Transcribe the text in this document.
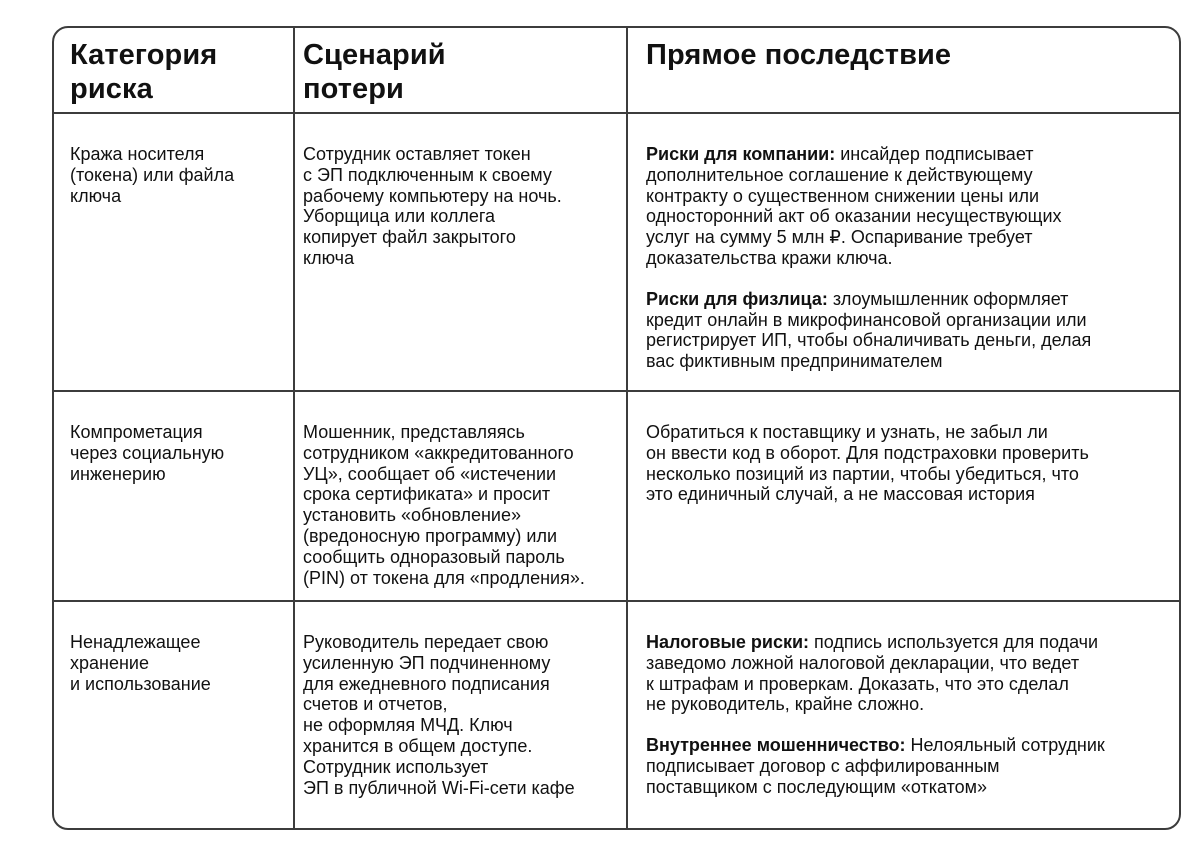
Категория
риска
Сценарий
потери
Прямое последствие
Кража носителя
(токена) или файла
ключа
Сотрудник оставляет токен
с ЭП подключенным к своему
рабочему компьютеру на ночь.
Уборщица или коллега
копирует файл закрытого
ключа
Риски для компании: инсайдер подписывает
дополнительное соглашение к действующему
контракту о существенном снижении цены или
односторонний акт об оказании несуществующих
услуг на сумму 5 млн ₽. Оспаривание требует
доказательства кражи ключа.
Риски для физлица: злоумышленник оформляет
кредит онлайн в микрофинансовой организации или
регистрирует ИП, чтобы обналичивать деньги, делая
вас фиктивным предпринимателем
Компрометация
через социальную
инженерию
Мошенник, представляясь
сотрудником «аккредитованного
УЦ», сообщает об «истечении
срока сертификата» и просит
установить «обновление»
(вредоносную программу) или
сообщить одноразовый пароль
(PIN) от токена для «продления».
Обратиться к поставщику и узнать, не забыл ли
он ввести код в оборот. Для подстраховки проверить
несколько позиций из партии, чтобы убедиться, что
это единичный случай, а не массовая история
Ненадлежащее
хранение
и использование
Руководитель передает свою
усиленную ЭП подчиненному
для ежедневного подписания
счетов и отчетов,
не оформляя МЧД. Ключ
хранится в общем доступе.
Сотрудник использует
ЭП в публичной Wi-Fi-сети кафе
Налоговые риски: подпись используется для подачи
заведомо ложной налоговой декларации, что ведет
к штрафам и проверкам. Доказать, что это сделал
не руководитель, крайне сложно.
Внутреннее мошенничество: Нелояльный сотрудник
подписывает договор с аффилированным
поставщиком с последующим «откатом»
